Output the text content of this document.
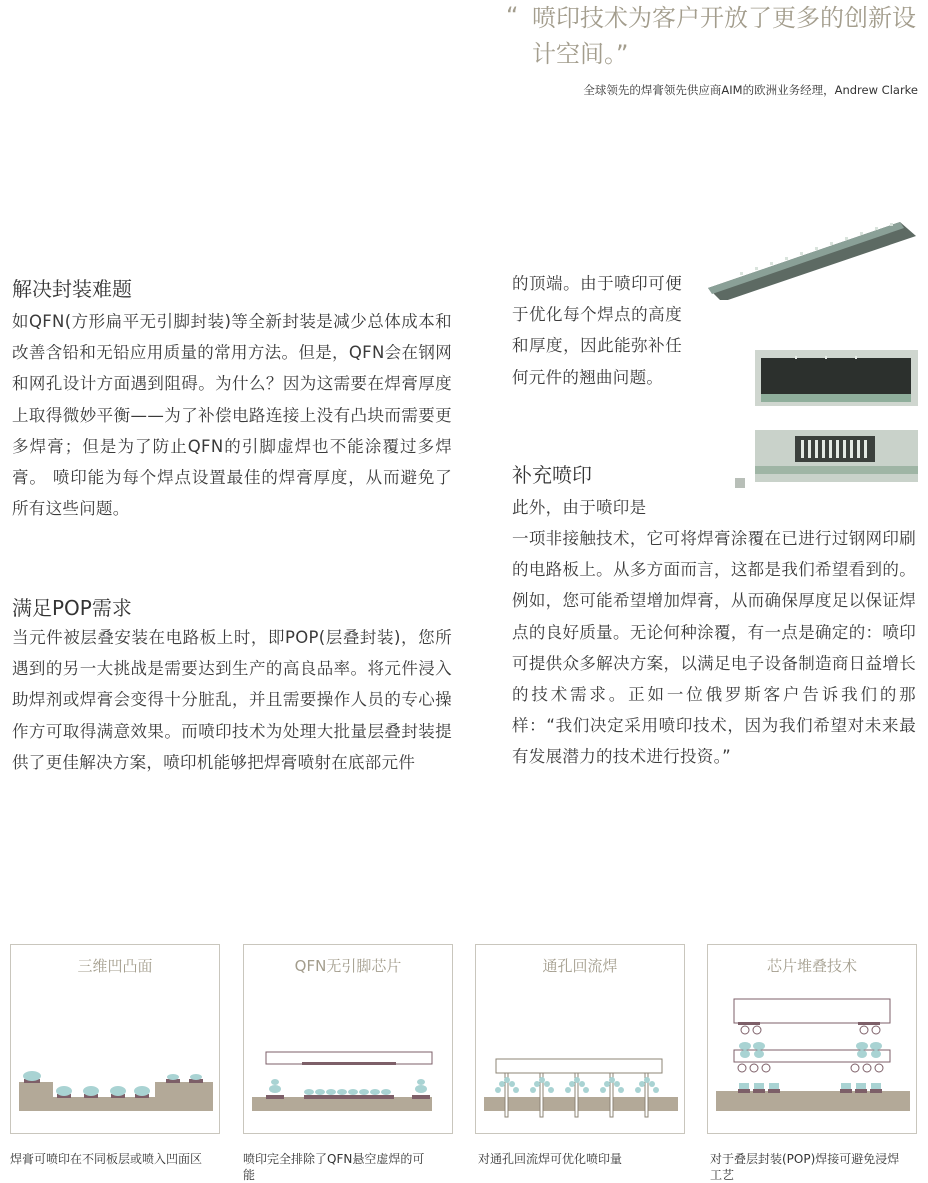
“ 喷印技术为客户开放了更多的创新设计空间。”
全球领先的焊膏领先供应商AIM的欧洲业务经理，Andrew Clarke
解决封装难题

如QFN(方形扁平无引脚封装)等全新封装是减少总体成本和改善含铅和无铅应用质量的常用方法。但是，QFN会在钢网和网孔设计方面遇到阻碍。为什么？因为这需要在焊膏厚度上取得微妙平衡——为了补偿电路连接上没有凸块而需要更多焊膏；但是为了防止QFN的引脚虚焊也不能涂覆过多焊膏。 喷印能为每个焊点设置最佳的焊膏厚度，从而避免了所有这些问题。

满足POP需求

当元件被层叠安装在电路板上时，即POP(层叠封装)，您所遇到的另一大挑战是需要达到生产的高良品率。将元件浸入助焊剂或焊膏会变得十分脏乱，并且需要操作人员的专心操作方可取得满意效果。而喷印技术为处理大批量层叠封装提供了更佳解决方案，喷印机能够把焊膏喷射在底部元件

的顶端。由于喷印可便于优化每个焊点的高度和厚度，因此能弥补任何元件的翘曲问题。

补充喷印

此外，由于喷印是

一项非接触技术，它可将焊膏涂覆在已进行过钢网印刷的电路板上。从多方面而言，这都是我们希望看到的。例如，您可能希望增加焊膏，从而确保厚度足以保证焊点的良好质量。无论何种涂覆，有一点是确定的：喷印可提供众多解决方案，以满足电子设备制造商日益增长的技术需求。正如一位俄罗斯客户告诉我们的那样：“我们决定采用喷印技术，因为我们希望对未来最有发展潜力的技术进行投资。”

三维凹凸面
焊膏可喷印在不同板层或喷入凹面区
QFN无引脚芯片
喷印完全排除了QFN悬空虚焊的可能
通孔回流焊
对通孔回流焊可优化喷印量
芯片堆叠技术
对于叠层封装(POP)焊接可避免浸焊工艺
